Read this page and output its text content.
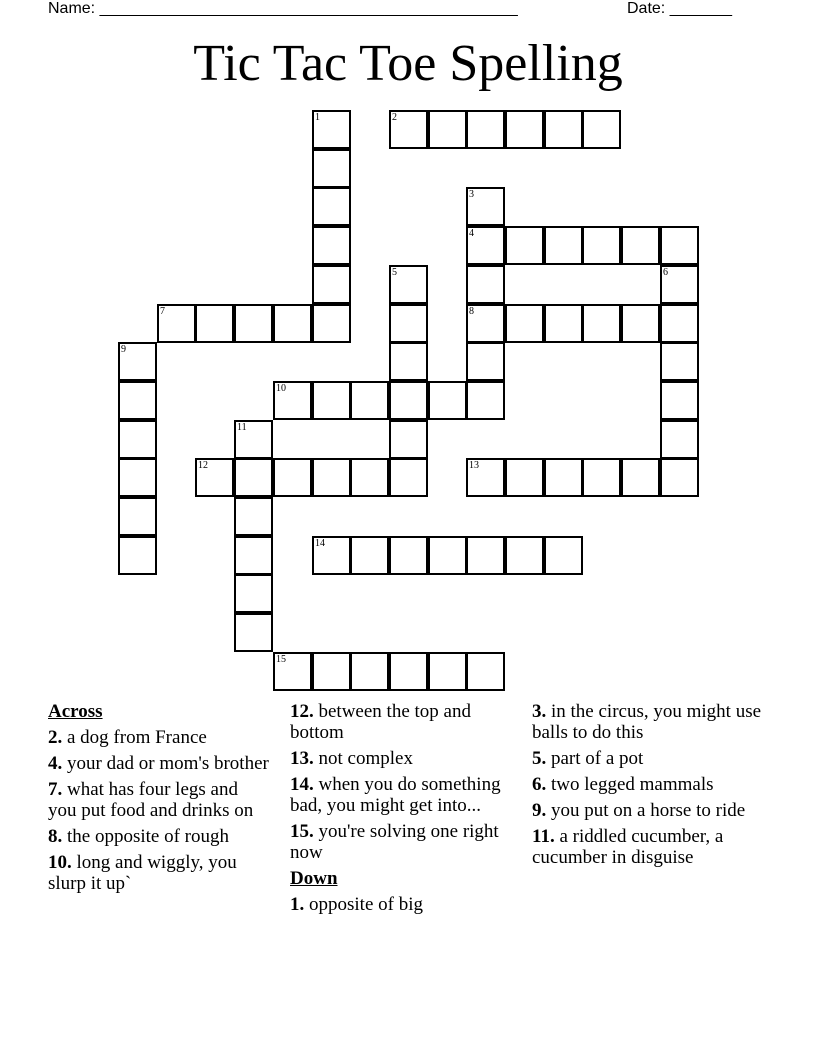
Name: _______________________________________________	Date: _______
Tic Tac Toe Spelling
1	2
3
4
8
5	6
7
9
10
11
12	13
14
15
Across
2. a dog from France
4. your dad or mom's brother
7. what has four legs and you put food and drinks on
8. the opposite of rough
10. long and wiggly, you slurp it up`
12. between the top and bottom
13. not complex
14. when you do something bad, you might get into...
15. you're solving one right now
Down
1. opposite of big
3. in the circus, you might use balls to do this
5. part of a pot
6. two legged mammals
9. you put on a horse to ride
11. a riddled cucumber, a cucumber in disguise
